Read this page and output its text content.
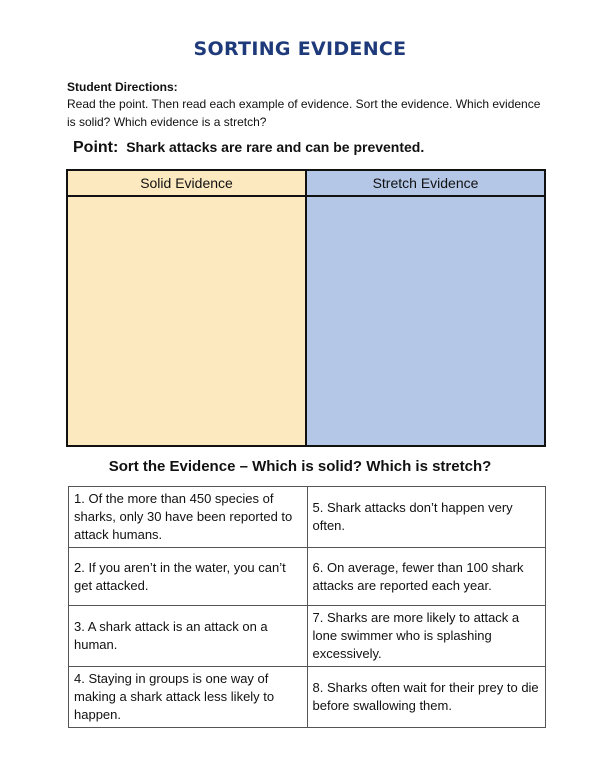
SORTING EVIDENCE
Student Directions:
Read the point. Then read each example of evidence. Sort the evidence. Which evidence is solid? Which evidence is a stretch?
Point: Shark attacks are rare and can be prevented.
Solid Evidence	Stretch Evidence
Sort the Evidence – Which is solid? Which is stretch?
1. Of the more than 450 species of sharks, only 30 have been reported to attack humans.	5. Shark attacks don’t happen very often.
2. If you aren’t in the water, you can’t get attacked.	6. On average, fewer than 100 shark attacks are reported each year.
3. A shark attack is an attack on a human.	7. Sharks are more likely to attack a lone swimmer who is splashing excessively.
4. Staying in groups is one way of making a shark attack less likely to happen.	8. Sharks often wait for their prey to die before swallowing them.
